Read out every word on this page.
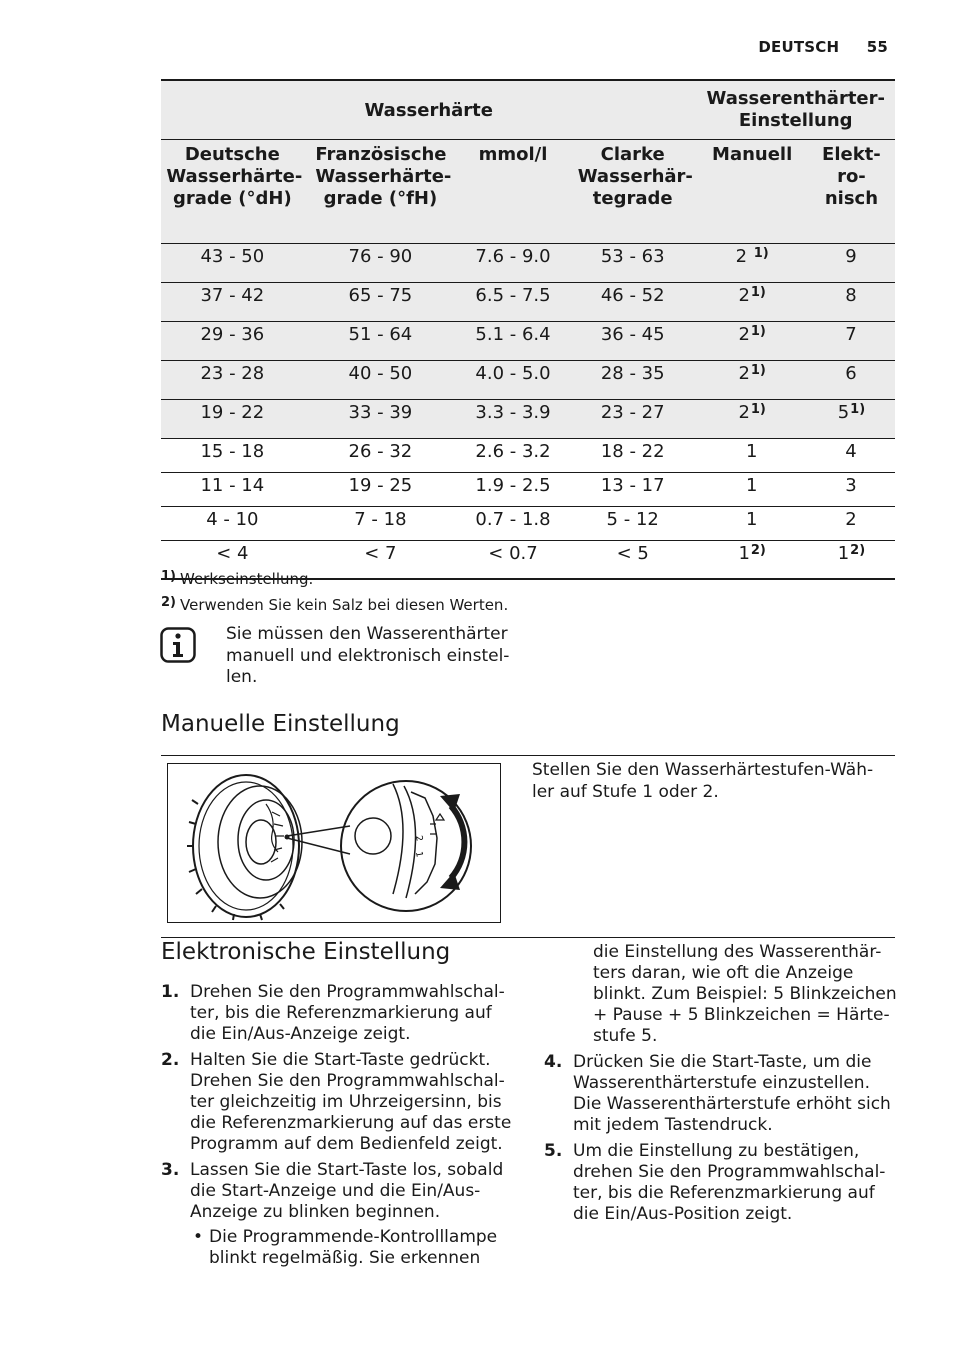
DEUTSCH 55
Wasserhärte				Wasserenthärter-Einstellung	

Deutsche Wasserhärte-grade (°dH)	Französische Wasserhärte-grade (°fH)	mmol/l	Clarke Wasserhär-tegrade	Manuell	Elekt-ro-nisch

43 - 50	76 - 90	7.6 - 9.0	53 - 63	2 $^{1)}$	9
37 - 42	65 - 75	6.5 - 7.5	46 - 52	2$^{1)}$	8
29 - 36	51 - 64	5.1 - 6.4	36 - 45	2$^{1)}$	7
23 - 28	40 - 50	4.0 - 5.0	28 - 35	2$^{1)}$	6
19 - 22	33 - 39	3.3 - 3.9	23 - 27	2$^{1)}$	5$^{1)}$
15 - 18	26 - 32	2.6 - 3.2	18 - 22	1	4
11 - 14	19 - 25	1.9 - 2.5	13 - 17	1	3
4 - 10	7 - 18	0.7 - 1.8	5 - 12	1	2
< 4	< 7	< 0.7	< 5	1$^{2)}$	1$^{2)}$
1) Werkseinstellung.
2) Verwenden Sie kein Salz bei diesen Werten.
Sie müssen den Wasserenthärter manuell und elektronisch einstel-len.
Manuelle Einstellung
2
1
Stellen Sie den Wasserhärtestufen-Wäh-ler auf Stufe 1 oder 2.
Elektronische Einstellung
1. Drehen Sie den Programmwahlschal-ter, bis die Referenzmarkierung auf die Ein/Aus-Anzeige zeigt.
2. Halten Sie die Start-Taste gedrückt. Drehen Sie den Programmwahlschal-ter gleichzeitig im Uhrzeigersinn, bis die Referenzmarkierung auf das erste Programm auf dem Bedienfeld zeigt.
3. Lassen Sie die Start-Taste los, sobald die Start-Anzeige und die Ein/Aus-Anzeige zu blinken beginnen.
• Die Programmende-Kontrolllampe blinkt regelmäßig. Sie erkennen
die Einstellung des Wasserenthär-ters daran, wie oft die Anzeige blinkt. Zum Beispiel: 5 Blinkzeichen + Pause + 5 Blinkzeichen = Härte-stufe 5.
4. Drücken Sie die Start-Taste, um die Wasserenthärterstufe einzustellen. Die Wasserenthärterstufe erhöht sich mit jedem Tastendruck.
5. Um die Einstellung zu bestätigen, drehen Sie den Programmwahlschal-ter, bis die Referenzmarkierung auf die Ein/Aus-Position zeigt.
